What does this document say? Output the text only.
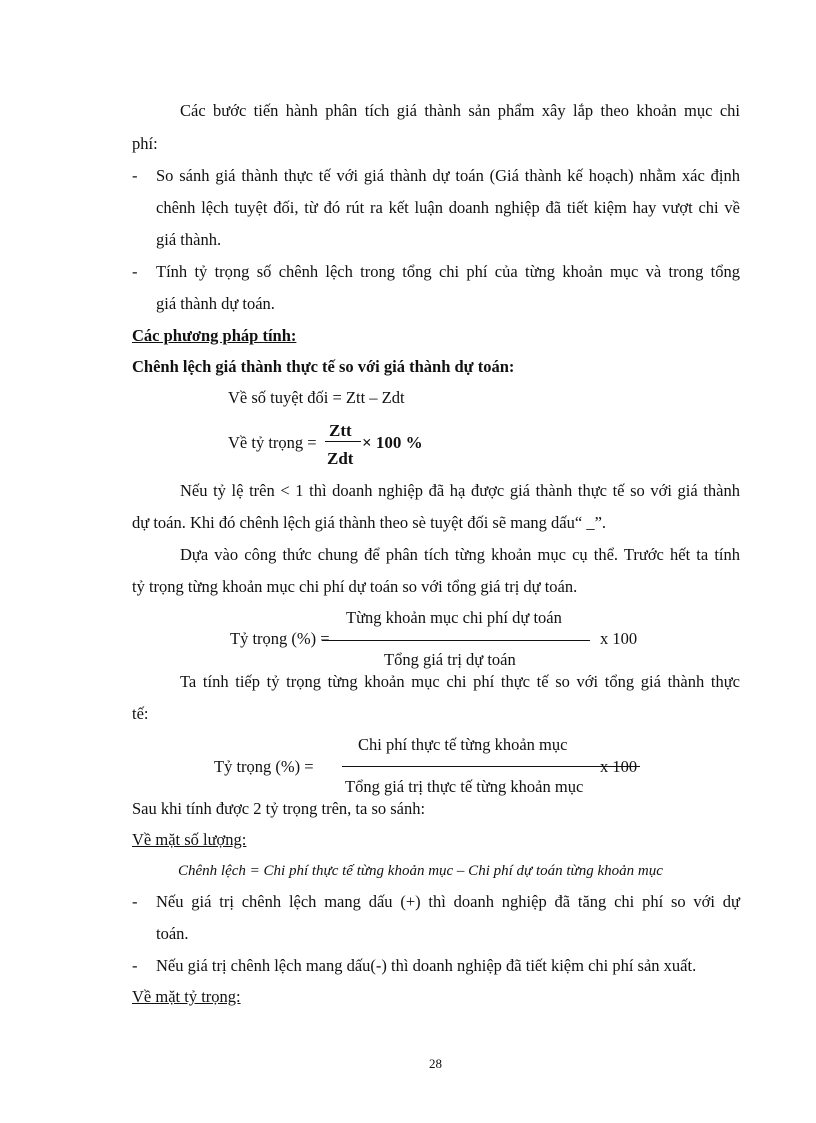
Các bước tiến hành phân tích giá thành sản phẩm xây lắp theo khoản mục chi
phí:
- So sánh giá thành thực tế với giá thành dự toán (Giá thành kế hoạch) nhằm xác định
chênh lệch tuyệt đối, từ đó rút ra kết luận doanh nghiệp đã tiết kiệm hay vượt chi về
giá thành.
- Tính tỷ trọng số chênh lệch trong tổng chi phí của từng khoản mục và trong tổng
giá thành dự toán.
Các phương pháp tính:
Chênh lệch giá thành thực tế so với giá thành dự toán:
Về số tuyệt đối = Ztt – Zdt
Về tỷ trọng =
Ztt
Zdt
× 100 %
Nếu tỷ lệ trên < 1 thì doanh nghiệp đã hạ được giá thành thực tế so với giá thành
dự toán. Khi đó chênh lệch giá thành theo sè tuyệt đối sẽ mang dấu“ _”.
Dựa vào công thức chung để phân tích từng khoản mục cụ thể. Trước hết ta tính
tỷ trọng từng khoản mục chi phí dự toán so với tổng giá trị dự toán.
Từng khoản mục chi phí dự toán
Tỷ trọng (%) =	x 100
Tổng giá trị dự toán
Ta tính tiếp tỷ trọng từng khoản mục chi phí thực tế so với tổng giá thành thực
tế:
Chi phí thực tế từng khoản mục
Tỷ trọng (%) =	x 100
Tổng giá trị thực tế từng khoản mục
Sau khi tính được 2 tỷ trọng trên, ta so sánh:
Về mặt số lượng:
Chênh lệch = Chi phí thực tế từng khoản mục – Chi phí dự toán từng khoản mục
- Nếu giá trị chênh lệch mang dấu (+) thì doanh nghiệp đã tăng chi phí so với dự
toán.
- Nếu giá trị chênh lệch mang dấu(-) thì doanh nghiệp đã tiết kiệm chi phí sản xuất.
Về mặt tỷ trọng:
28
